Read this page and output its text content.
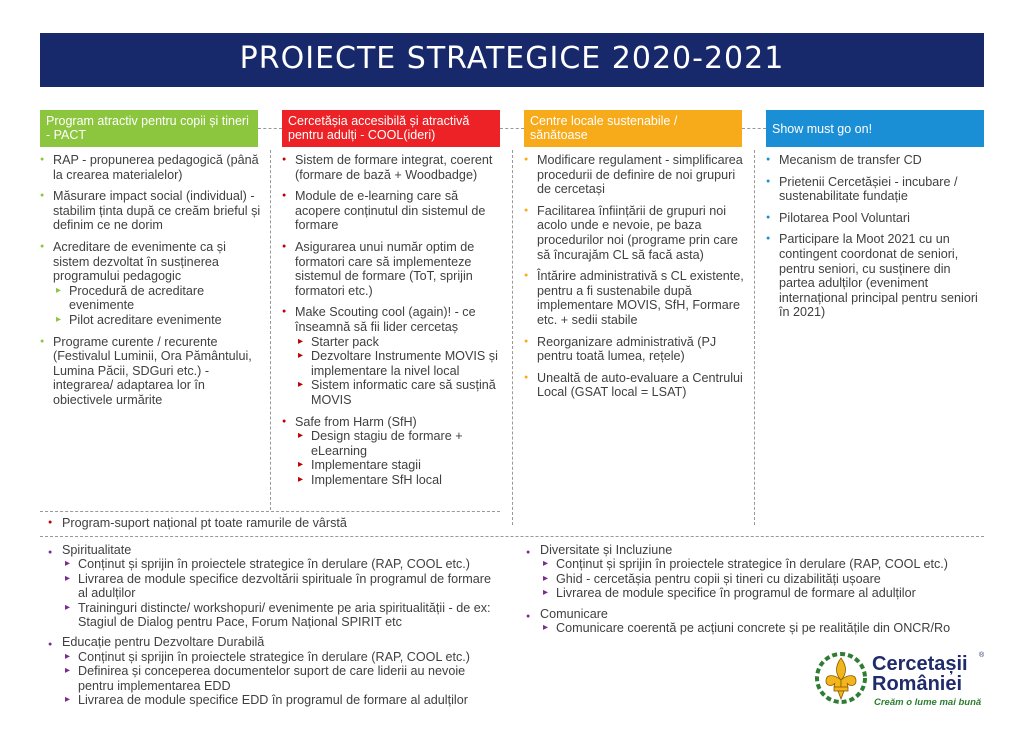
PROIECTE STRATEGICE 2020-2021
Program atractiv pentru copii și tineri - PACT
Cercetășia accesibilă și atractivă pentru adulți - COOL(ideri)
Centre locale sustenabile / sănătoase	Show must go on!
● RAP - propunerea pedagogică (până la crearea materialelor)
● Măsurare impact social (individual) - stabilim ținta după ce creăm brieful și definim ce ne dorim
● Acreditare de evenimente ca și sistem dezvoltat în susținerea programului pedagogic
▸ Procedură de acreditare evenimente
▸ Pilot acreditare evenimente
● Programe curente / recurente (Festivalul Luminii, Ora Pământului, Lumina Păcii, SDGuri etc.) - integrarea/ adaptarea lor în obiectivele urmărite
● Sistem de formare integrat, coerent (formare de bază + Woodbadge)
● Module de e-learning care să acopere conținutul din sistemul de formare
● Asigurarea unui număr optim de formatori care să implementeze sistemul de formare (ToT, sprijin formatori etc.)
● Make Scouting cool (again)! - ce înseamnă să fii lider cercetaș
▸ Starter pack
▸ Dezvoltare Instrumente MOVIS și implementare la nivel local
▸ Sistem informatic care să susțină MOVIS
● Safe from Harm (SfH)
▸ Design stagiu de formare + eLearning
▸ Implementare stagii
▸ Implementare SfH local
● Modificare regulament - simplificarea procedurii de definire de noi grupuri de cercetași
● Facilitarea înființării de grupuri noi acolo unde e nevoie, pe baza procedurilor noi (programe prin care să încurajăm CL să facă asta)
● Întărire administrativă s CL existente, pentru a fi sustenabile după implementare MOVIS, SfH, Formare etc. + sedii stabile
● Reorganizare administrativă (PJ pentru toată lumea, rețele)
● Unealtă de auto-evaluare a Centrului Local (GSAT local = LSAT)
● Mecanism de transfer CD
● Prietenii Cercetășiei - incubare / sustenabilitate fundație
● Pilotarea Pool Voluntari
● Participare la Moot 2021 cu un contingent coordonat de seniori, pentru seniori, cu susținere din partea adulților (eveniment internațional principal pentru seniori în 2021)
● Program-suport național pt toate ramurile de vârstă
● Spiritualitate
▸ Conținut și sprijin în proiectele strategice în derulare (RAP, COOL etc.)
▸ Livrarea de module specifice dezvoltării spirituale în programul de formare al adulților
▸ Traininguri distincte/ workshopuri/ evenimente pe aria spiritualității - de ex: Stagiul de Dialog pentru Pace, Forum Național SPIRIT etc
● Educație pentru Dezvoltare Durabilă
▸ Conținut și sprijin în proiectele strategice în derulare (RAP, COOL etc.)
▸ Definirea și conceperea documentelor suport de care liderii au nevoie pentru implementarea EDD
▸ Livrarea de module specifice EDD în programul de formare al adulților
● Diversitate și Incluziune
▸ Conținut și sprijin în proiectele strategice în derulare (RAP, COOL etc.)
▸ Ghid - cercetășia pentru copii și tineri cu dizabilități ușoare
▸ Livrarea de module specifice în programul de formare al adulților
● Comunicare
▸ Comunicare coerentă pe acțiuni concrete și pe realitățile din ONCR/Ro
Cercetașii ®
României
Creăm o lume mai bună
